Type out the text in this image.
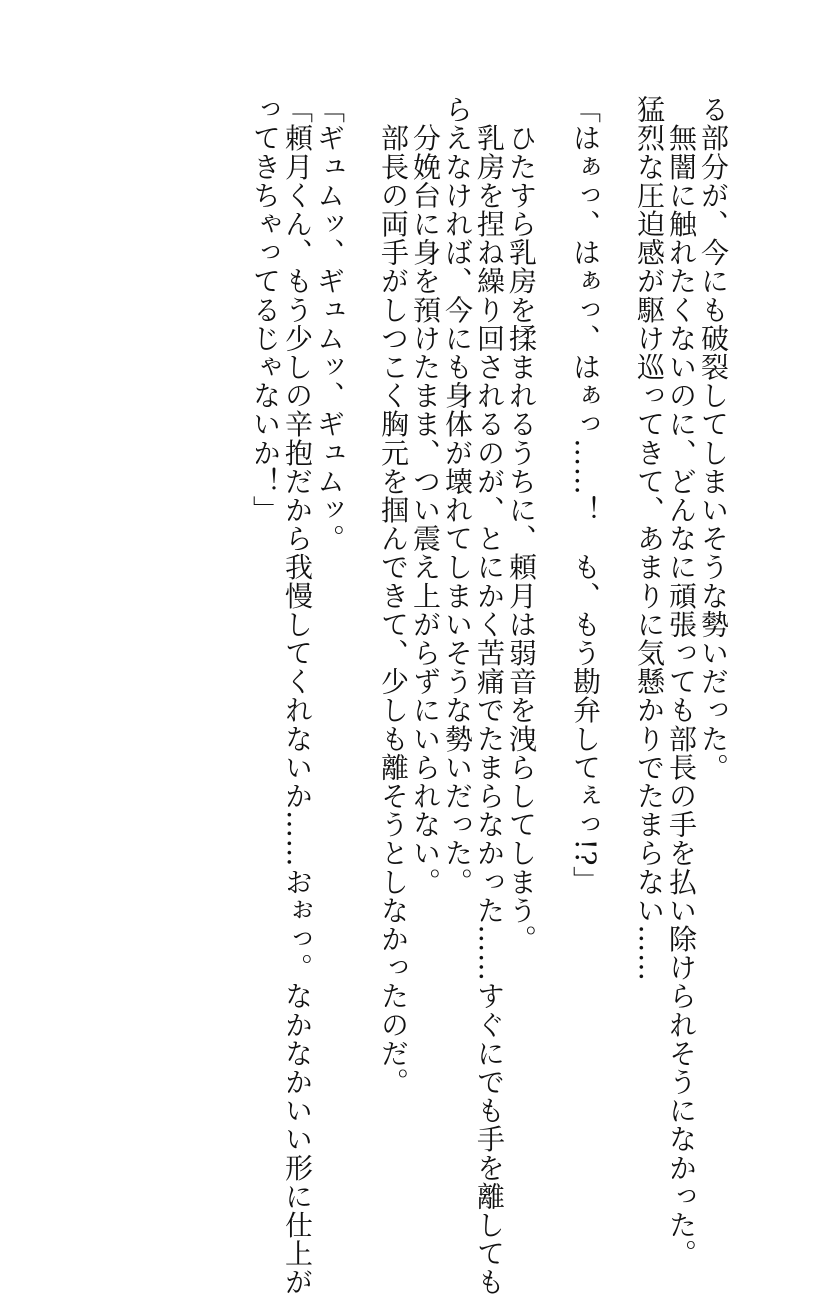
る部分が、今にも破裂してしまいそうな勢いだった。
　無闇に触れたくないのに、どんなに頑張っても部長の手を払い除けられそうになかった。
猛烈な圧迫感が駆け巡ってきて、あまりに気懸かりでたまらない……
「はぁっ、はぁっ、はぁっ……！　も、もう勘弁してぇっ!?」
　ひたすら乳房を揉まれるうちに、頼月は弱音を洩らしてしまう。
　乳房を捏ね繰り回されるのが、とにかく苦痛でたまらなかった……すぐにでも手を離しても
らえなければ、今にも身体が壊れてしまいそうな勢いだった。
　分娩台に身を預けたまま、つい震え上がらずにいられない。
　部長の両手がしつこく胸元を掴んできて、少しも離そうとしなかったのだ。
「ギュムッ、ギュムッ、ギュムッ。
「頼月くん、もう少しの辛抱だから我慢してくれないか……おぉっ。なかなかいい形に仕上が
ってきちゃってるじゃないか！」
